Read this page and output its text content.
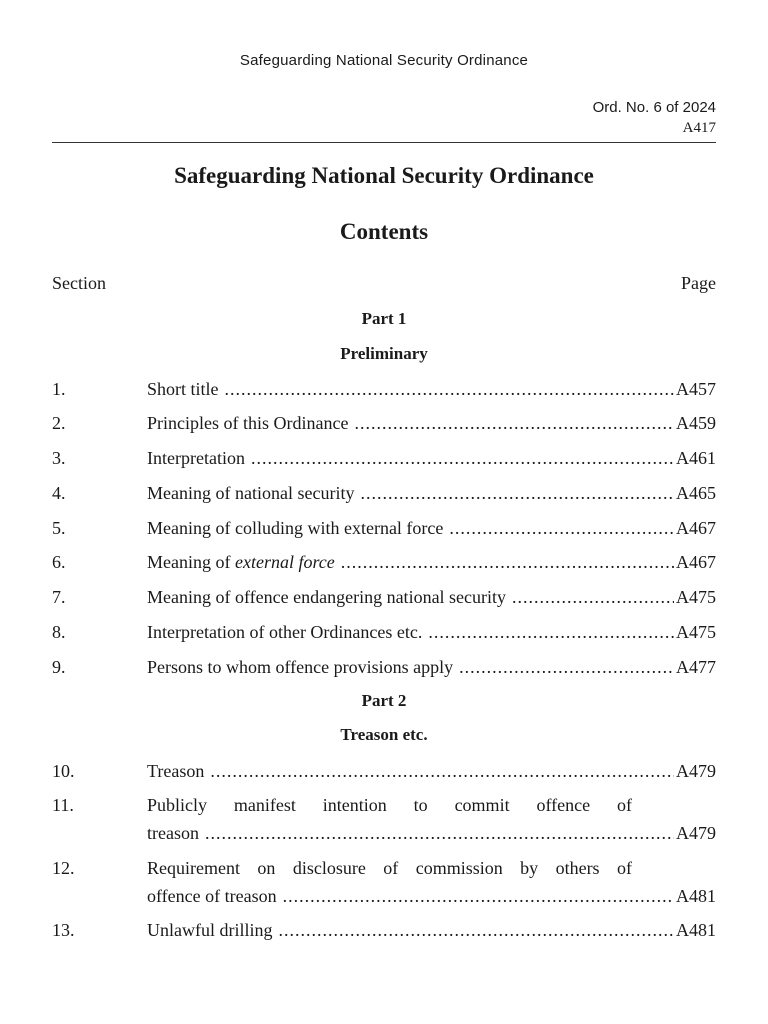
Safeguarding National Security Ordinance
Ord. No. 6 of 2024
A417
Safeguarding National Security Ordinance
Contents
Section	Page
Part 1
Preliminary
1.	Short title .....	A457
2.	Principles of this Ordinance .....	A459
3.	Interpretation .....	A461
4.	Meaning of national security .....	A465
5.	Meaning of colluding with external force .....	A467
6.	Meaning of external force .....	A467
7.	Meaning of offence endangering national security .....	A475
8.	Interpretation of other Ordinances etc. .....	A475
9.	Persons to whom offence provisions apply .....	A477
Part 2
Treason etc.
10.	Treason .....	A479
11.	Publicly manifest intention to commit offence of
treason .....	A479
12.	Requirement on disclosure of commission by others of
offence of treason .....	A481
13.	Unlawful drilling .....	A481
